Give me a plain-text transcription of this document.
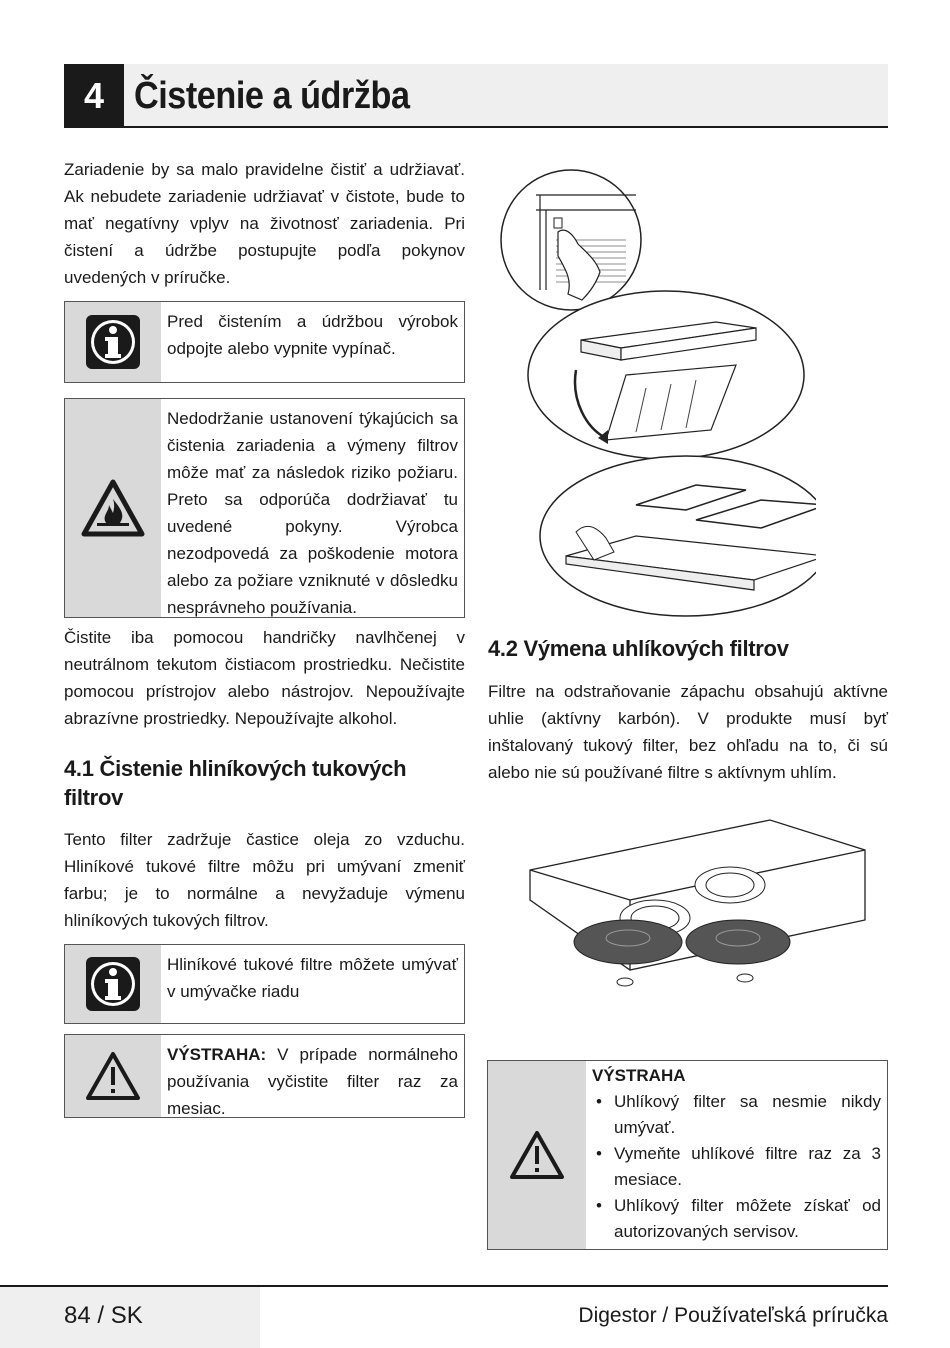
4 Čistenie a údržba
Zariadenie by sa malo pravidelne čistiť a udržiavať. Ak nebudete zariadenie udržiavať v čistote, bude to mať negatívny vplyv na životnosť zariadenia. Pri čistení a údržbe postupujte podľa pokynov uvedených v príručke.
Pred čistením a údržbou výrobok odpojte alebo vypnite vypínač.
Nedodržanie ustanovení týkajúcich sa čistenia zariadenia a výmeny filtrov môže mať za následok riziko požiaru. Preto sa odporúča dodržiavať tu uvedené pokyny. Výrobca nezodpovedá za poškodenie motora alebo za požiare vzniknuté v dôsledku nesprávneho používania.
Čistite iba pomocou handričky navlhčenej v neutrálnom tekutom čistiacom prostriedku. Nečistite pomocou prístrojov alebo nástrojov. Nepoužívajte abrazívne prostriedky. Nepoužívajte alkohol.
4.1 Čistenie hliníkových tukových filtrov
Tento filter zadržuje častice oleja zo vzduchu. Hliníkové tukové filtre môžu pri umývaní zmeniť farbu; je to normálne a nevyžaduje výmenu hliníkových tukových filtrov.
Hliníkové tukové filtre môžete umývať v umývačke riadu
VÝSTRAHA: V prípade normálneho používania vyčistite filter raz za mesiac.
4.2 Výmena uhlíkových filtrov
Filtre na odstraňovanie zápachu obsahujú aktívne uhlie (aktívny karbón). V produkte musí byť inštalovaný tukový filter, bez ohľadu na to, či sú alebo nie sú používané filtre s aktívnym uhlím.
VÝSTRAHA
• Uhlíkový filter sa nesmie nikdy umývať.
• Vymeňte uhlíkové filtre raz za 3 mesiace.
• Uhlíkový filter môžete získať od autorizovaných servisov.
84 / SK	Digestor / Používateľská príručka
